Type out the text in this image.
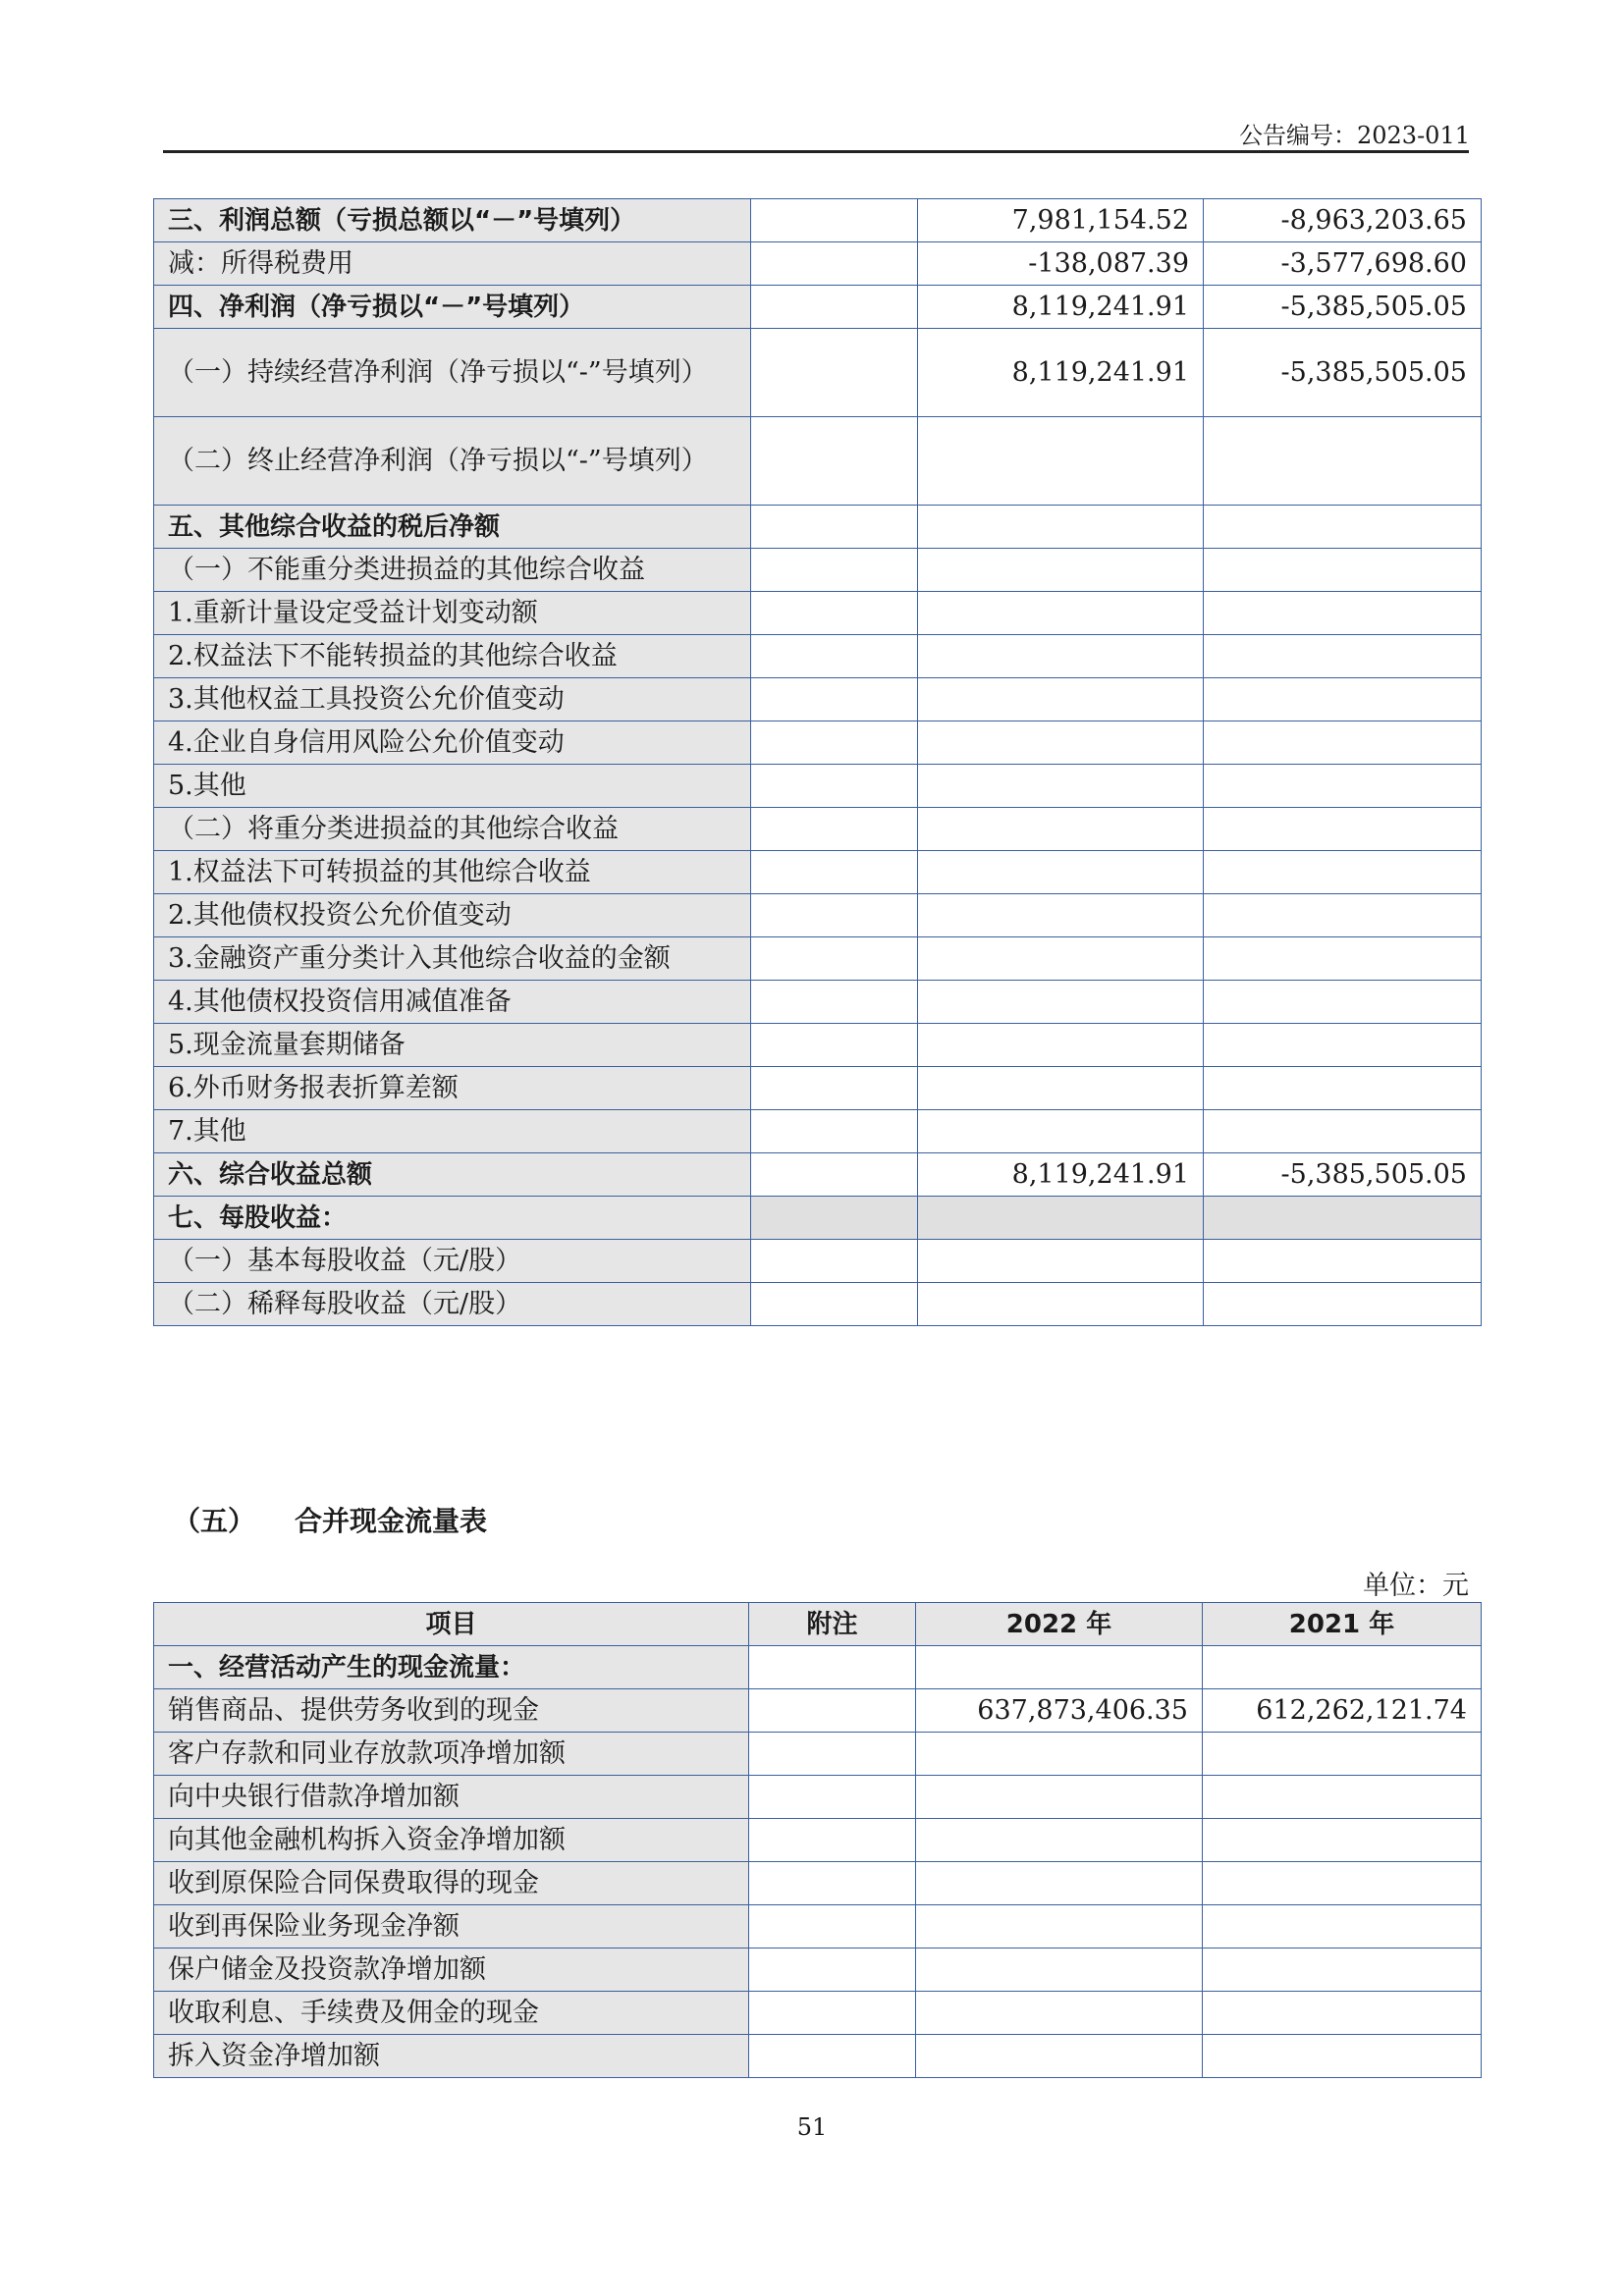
公告编号：2023-011
三、利润总额（亏损总额以“－”号填列）		7,981,154.52	-8,963,203.65
减：所得税费用		-138,087.39	-3,577,698.60
四、净利润（净亏损以“－”号填列）		8,119,241.91	-5,385,505.05
（一）持续经营净利润（净亏损以“-”号填列）		8,119,241.91	-5,385,505.05
（二）终止经营净利润（净亏损以“-”号填列）			
五、其他综合收益的税后净额			
（一）不能重分类进损益的其他综合收益			
1.重新计量设定受益计划变动额			
2.权益法下不能转损益的其他综合收益			
3.其他权益工具投资公允价值变动			
4.企业自身信用风险公允价值变动			
5.其他			
（二）将重分类进损益的其他综合收益			
1.权益法下可转损益的其他综合收益			
2.其他债权投资公允价值变动			
3.金融资产重分类计入其他综合收益的金额			
4.其他债权投资信用减值准备			
5.现金流量套期储备			
6.外币财务报表折算差额			
7.其他			
六、综合收益总额		8,119,241.91	-5,385,505.05
七、每股收益：			
（一）基本每股收益（元/股）			
（二）稀释每股收益（元/股）			
（五） 合并现金流量表
单位：元
项目	附注	2022 年	2021 年
一、经营活动产生的现金流量：			
销售商品、提供劳务收到的现金		637,873,406.35	612,262,121.74
客户存款和同业存放款项净增加额			
向中央银行借款净增加额			
向其他金融机构拆入资金净增加额			
收到原保险合同保费取得的现金			
收到再保险业务现金净额			
保户储金及投资款净增加额			
收取利息、手续费及佣金的现金			
拆入资金净增加额			
51
